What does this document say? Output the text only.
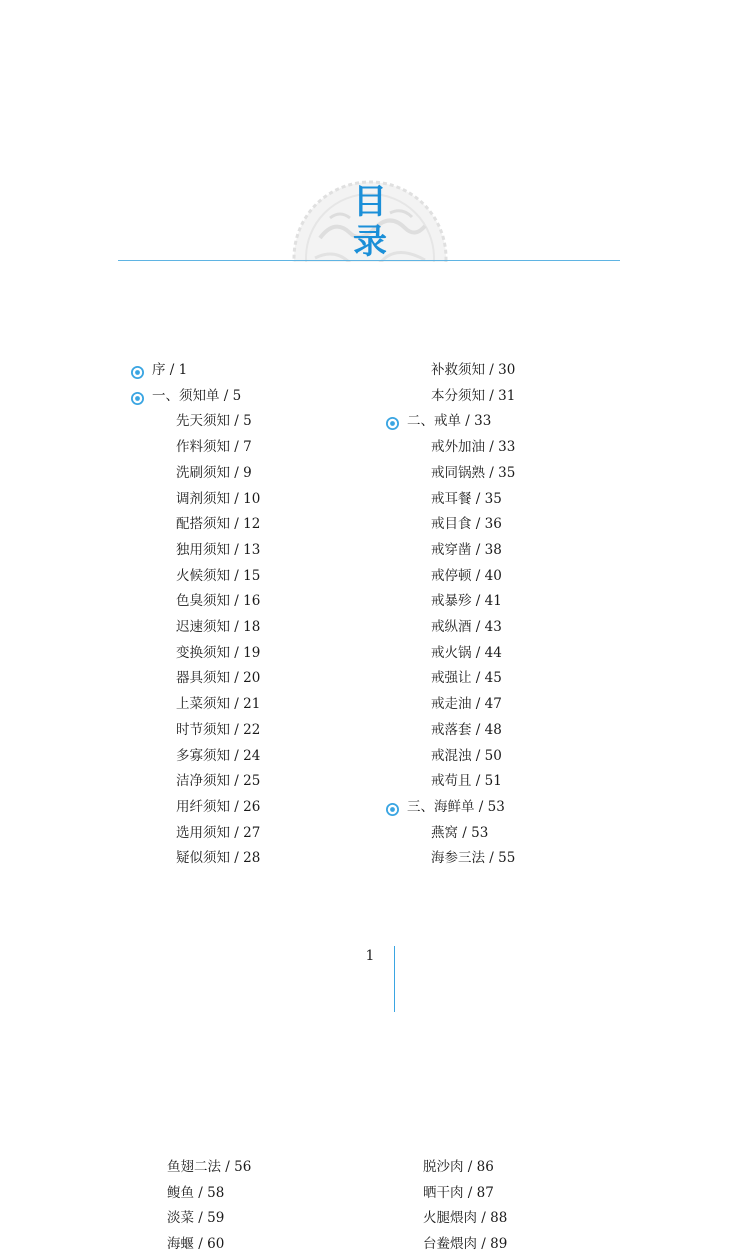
目
录
序 / 1
一、须知单 / 5
先天须知 / 5
作料须知 / 7
洗刷须知 / 9
调剂须知 / 10
配搭须知 / 12
独用须知 / 13
火候须知 / 15
色臭须知 / 16
迟速须知 / 18
变换须知 / 19
器具须知 / 20
上菜须知 / 21
时节须知 / 22
多寡须知 / 24
洁净须知 / 25
用纤须知 / 26
选用须知 / 27
疑似须知 / 28
补救须知 / 30
本分须知 / 31
二、戒单 / 33
戒外加油 / 33
戒同锅熟 / 35
戒耳餐 / 35
戒目食 / 36
戒穿凿 / 38
戒停顿 / 40
戒暴殄 / 41
戒纵酒 / 43
戒火锅 / 44
戒强让 / 45
戒走油 / 47
戒落套 / 48
戒混浊 / 50
戒苟且 / 51
三、海鲜单 / 53
燕窝 / 53
海参三法 / 55
1
鱼翅二法 / 56
鳆鱼 / 58
淡菜 / 59
海蝘 / 60
脱沙肉 / 86
晒干肉 / 87
火腿煨肉 / 88
台鲞煨肉 / 89
